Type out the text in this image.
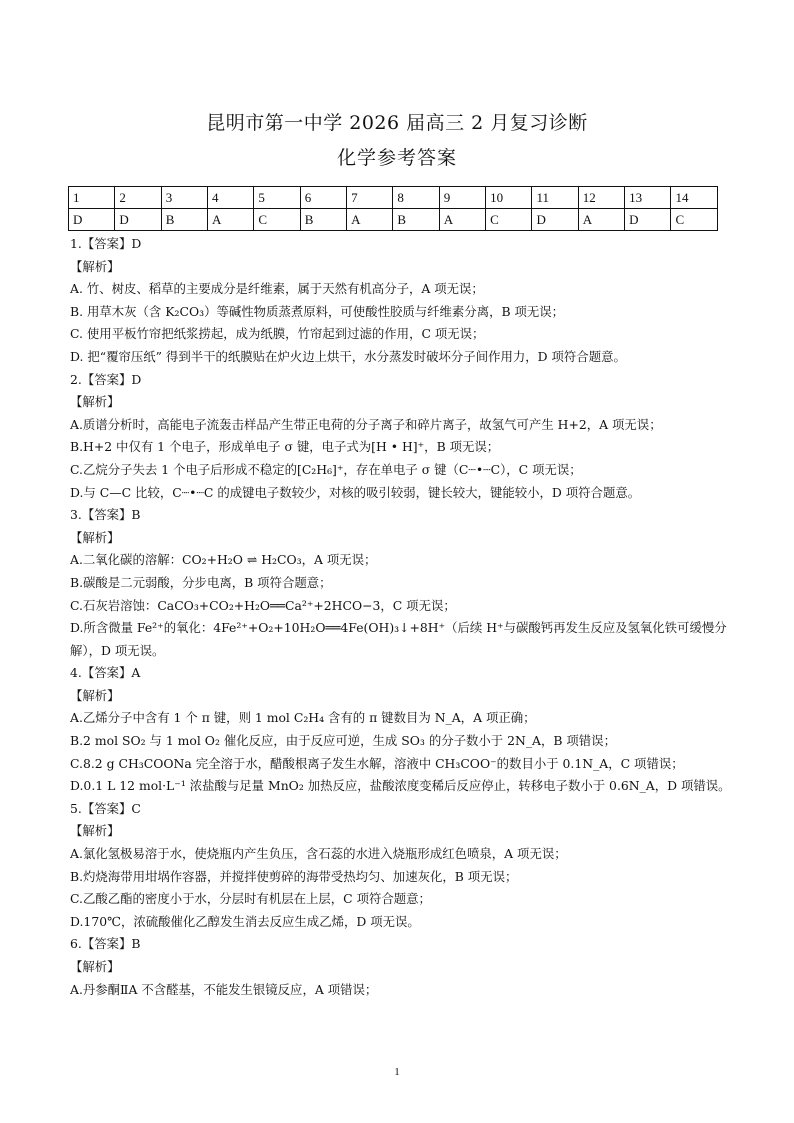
昆明市第一中学 2026 届高三 2 月复习诊断
化学参考答案
1	2	3	4	5	6	7	8	9	10	11	12	13	14
D	D	B	A	C	B	A	B	A	C	D	A	D	C
1.【答案】D
【解析】
A. 竹、树皮、稻草的主要成分是纤维素，属于天然有机高分子，A 项无误；
B. 用草木灰（含 K₂CO₃）等碱性物质蒸煮原料，可使酸性胶质与纤维素分离，B 项无误；
C. 使用平板竹帘把纸浆捞起，成为纸膜，竹帘起到过滤的作用，C 项无误；
D. 把“覆帘压纸” 得到半干的纸膜贴在炉火边上烘干，水分蒸发时破坏分子间作用力，D 项符合题意。
2.【答案】D
【解析】
A.质谱分析时，高能电子流轰击样品产生带正电荷的分子离子和碎片离子，故氢气可产生 H+2，A 项无误；
B.H+2 中仅有 1 个电子，形成单电子 σ 键，电子式为[H • H]⁺，B 项无误；
C.乙烷分子失去 1 个电子后形成不稳定的[C₂H₆]⁺，存在单电子 σ 键（C┈•┈C），C 项无误；
D.与 C—C 比较，C┈•┈C 的成键电子数较少，对核的吸引较弱，键长较大，键能较小，D 项符合题意。
3.【答案】B
【解析】
A.二氧化碳的溶解：CO₂+H₂O ⇌ H₂CO₃，A 项无误；
B.碳酸是二元弱酸，分步电离，B 项符合题意；
C.石灰岩溶蚀：CaCO₃+CO₂+H₂O══Ca²⁺+2HCO−3，C 项无误；
D.所含微量 Fe²⁺的氧化：4Fe²⁺+O₂+10H₂O══4Fe(OH)₃↓+8H⁺（后续 H⁺与碳酸钙再发生反应及氢氧化铁可缓慢分解），D 项无误。
4.【答案】A
【解析】
A.乙烯分子中含有 1 个 π 键，则 1 mol C₂H₄ 含有的 π 键数目为 N_A，A 项正确；
B.2 mol SO₂ 与 1 mol O₂ 催化反应，由于反应可逆，生成 SO₃ 的分子数小于 2N_A，B 项错误；
C.8.2 g CH₃COONa 完全溶于水，醋酸根离子发生水解，溶液中 CH₃COO⁻的数目小于 0.1N_A，C 项错误；
D.0.1 L 12 mol·L⁻¹ 浓盐酸与足量 MnO₂ 加热反应，盐酸浓度变稀后反应停止，转移电子数小于 0.6N_A，D 项错误。
5.【答案】C
【解析】
A.氯化氢极易溶于水，使烧瓶内产生负压，含石蕊的水进入烧瓶形成红色喷泉，A 项无误；
B.灼烧海带用坩埚作容器，并搅拌使剪碎的海带受热均匀、加速灰化，B 项无误；
C.乙酸乙酯的密度小于水，分层时有机层在上层，C 项符合题意；
D.170℃，浓硫酸催化乙醇发生消去反应生成乙烯，D 项无误。
6.【答案】B
【解析】
A.丹参酮ⅡA 不含醛基，不能发生银镜反应，A 项错误；
1
